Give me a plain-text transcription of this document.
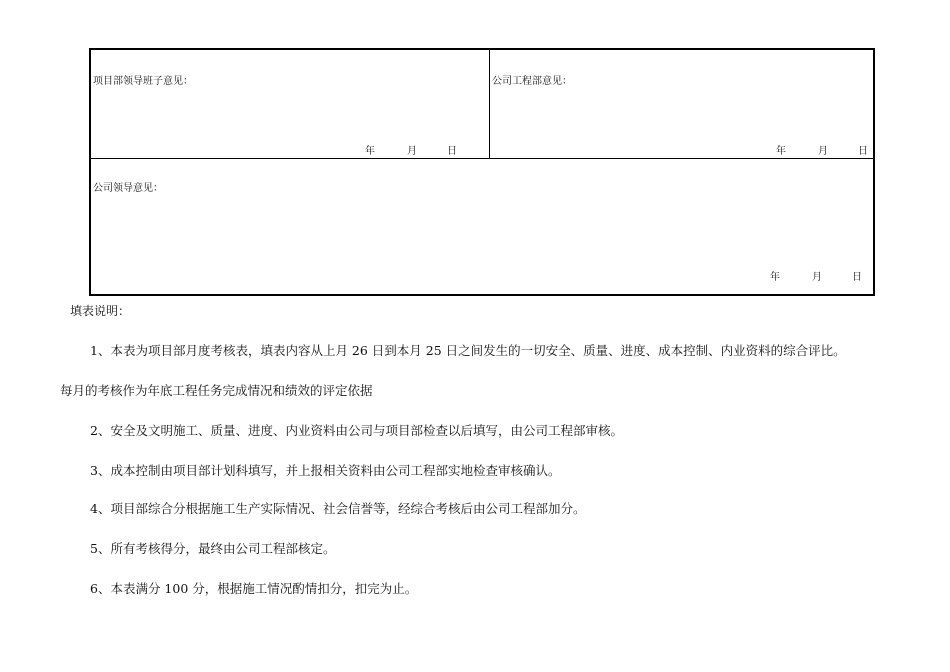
项目部领导班子意见：
年	月	日
公司工程部意见：
年	月	日
公司领导意见：
年	月	日
填表说明：
1、本表为项目部月度考核表，填表内容从上月 26 日到本月 25 日之间发生的一切安全、质量、进度、成本控制、内业资料的综合评比。
每月的考核作为年底工程任务完成情况和绩效的评定依据
2、安全及文明施工、质量、进度、内业资料由公司与项目部检查以后填写，由公司工程部审核。
3、成本控制由项目部计划科填写，并上报相关资料由公司工程部实地检查审核确认。
4、项目部综合分根据施工生产实际情况、社会信誉等，经综合考核后由公司工程部加分。
5、所有考核得分，最终由公司工程部核定。
6、本表满分 100 分，根据施工情况酌情扣分，扣完为止。
